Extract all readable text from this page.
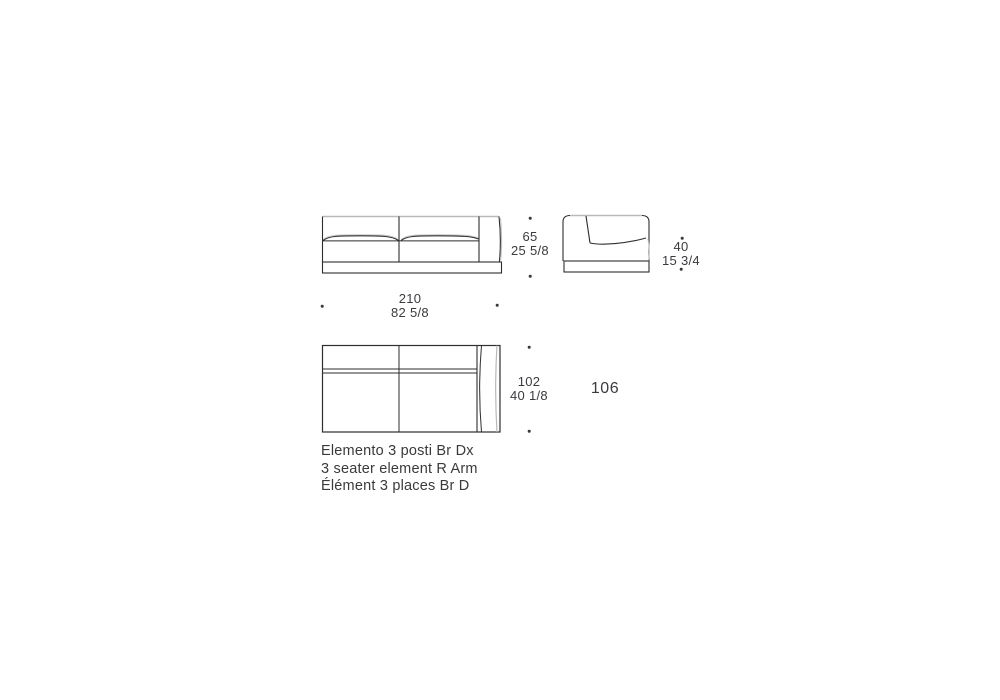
65
25 5/8
210
82 5/8
40
15 3/4
102
40 1/8	106
Elemento 3 posti Br Dx
3 seater element R Arm
Élément 3 places Br D
